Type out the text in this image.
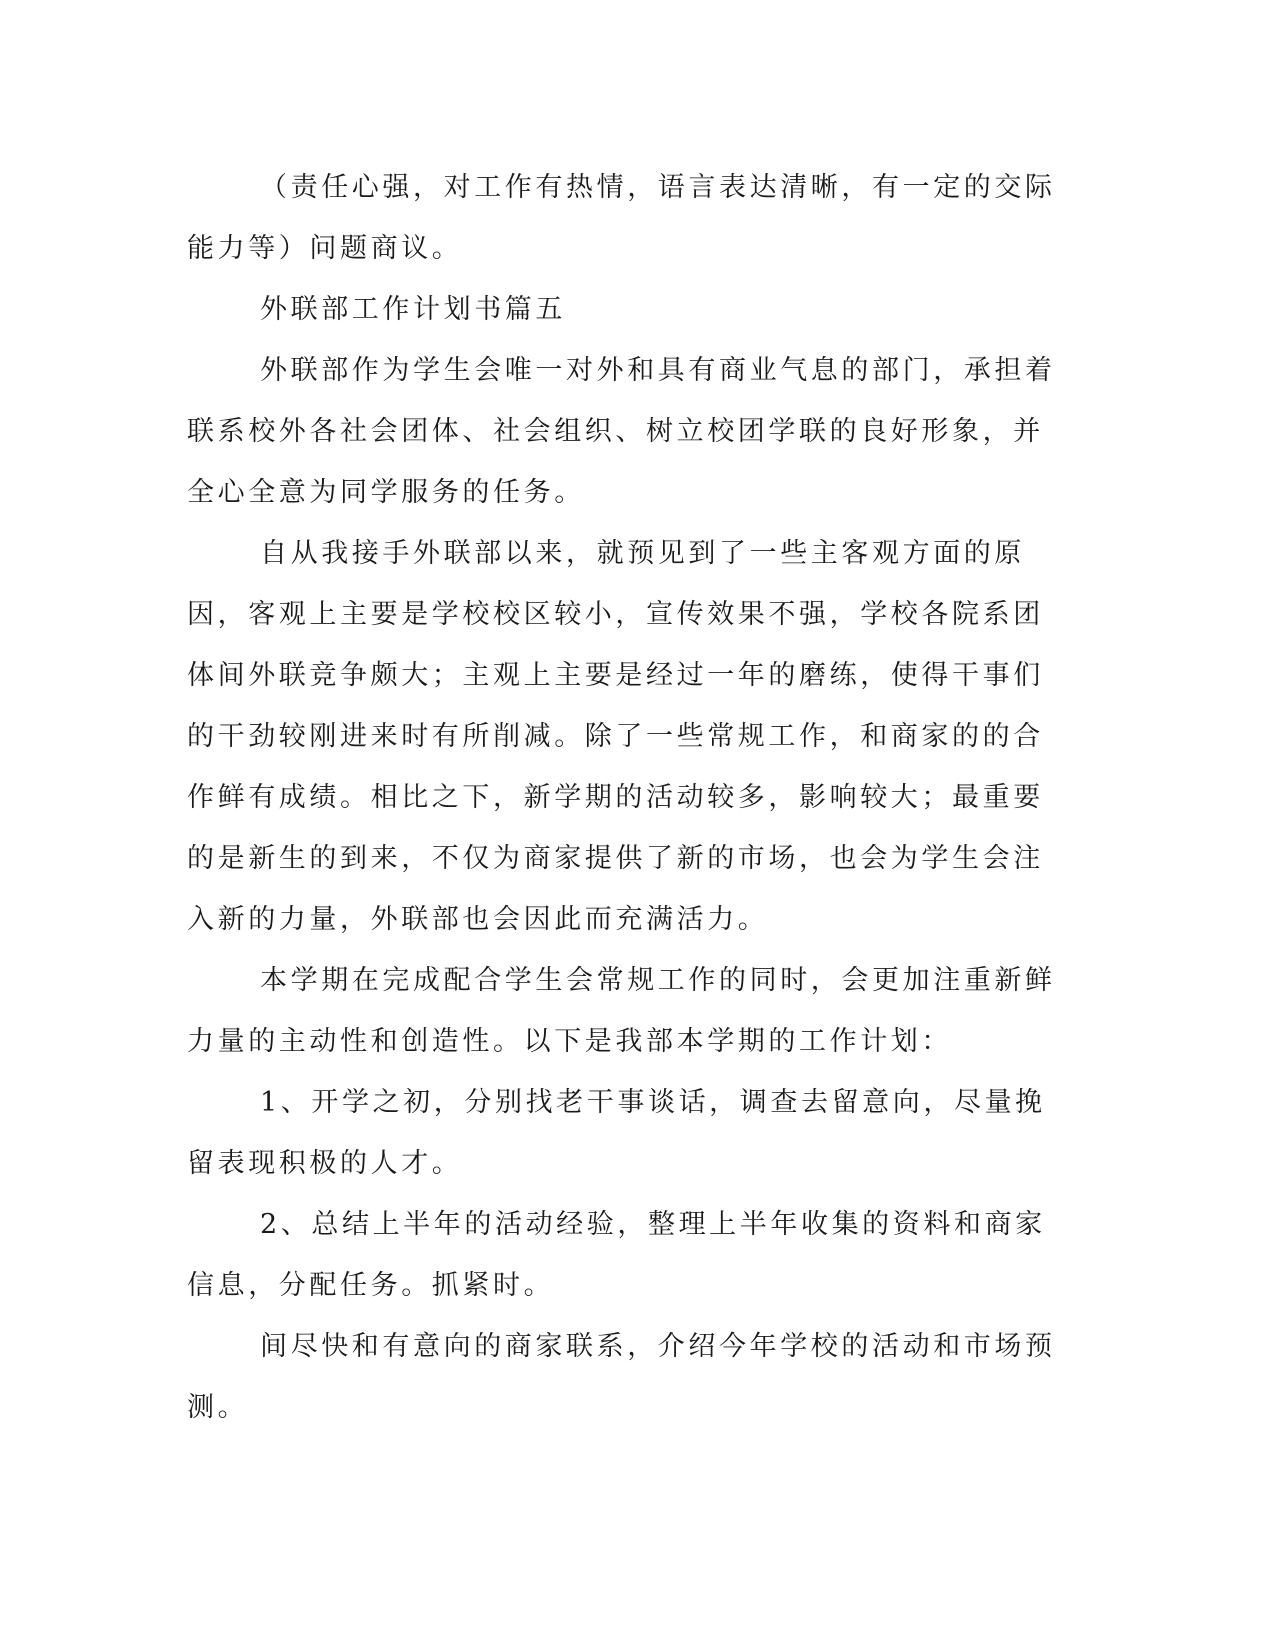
（责任心强，对工作有热情，语言表达清晰，有一定的交际能力等）问题商议。

外联部工作计划书篇五

外联部作为学生会唯一对外和具有商业气息的部门，承担着联系校外各社会团体、社会组织、树立校团学联的良好形象，并全心全意为同学服务的任务。

自从我接手外联部以来，就预见到了一些主客观方面的原因，客观上主要是学校校区较小，宣传效果不强，学校各院系团体间外联竞争颇大；主观上主要是经过一年的磨练，使得干事们的干劲较刚进来时有所削减。除了一些常规工作，和商家的的合作鲜有成绩。相比之下，新学期的活动较多，影响较大；最重要的是新生的到来，不仅为商家提供了新的市场，也会为学生会注入新的力量，外联部也会因此而充满活力。

本学期在完成配合学生会常规工作的同时，会更加注重新鲜力量的主动性和创造性。以下是我部本学期的工作计划：

1、开学之初，分别找老干事谈话，调查去留意向，尽量挽留表现积极的人才。

2、总结上半年的活动经验，整理上半年收集的资料和商家信息，分配任务。抓紧时。

间尽快和有意向的商家联系，介绍今年学校的活动和市场预测。
